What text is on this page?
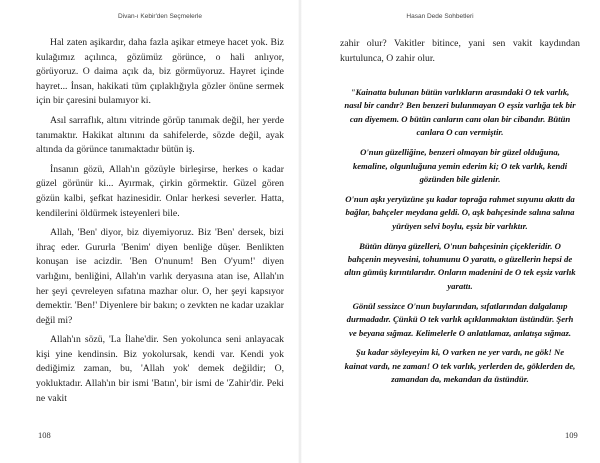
Divan-ı Kebir'den Seçmelerle

Hal zaten aşikardır, daha fazla aşikar etmeye hacet yok. Biz kulağımız açılınca, gözümüz görünce, o hali anlıyor, görüyoruz. O daima açık da, biz görmüyoruz. Hayret içinde hayret... İnsan, hakikati tüm çıplaklığıyla gözler önüne sermek için bir çaresini bulamıyor ki.

Asıl sarraflık, altını vitrinde görüp tanımak değil, her yerde tanımaktır. Hakikat altınını da sahifelerde, sözde değil, ayak altında da görünce tanımaktadır bütün iş.

İnsanın gözü, Allah'ın gözüyle birleşirse, herkes o kadar güzel görünür ki... Ayırmak, çirkin görmektir. Güzel gören gözün kalbi, şefkat hazinesidir. Onlar herkesi severler. Hatta, kendilerini öldürmek isteyenleri bile.

Allah, 'Ben' diyor, biz diyemiyoruz. Biz 'Ben' dersek, bizi ihraç eder. Gururla 'Benim' diyen benliğe düşer. Benlikten konuşan ise acizdir. 'Ben O'nunum! Ben O'yum!' diyen varlığını, benliğini, Allah'ın varlık deryasına atan ise, Allah'ın her şeyi çevreleyen sıfatına mazhar olur. O, her şeyi kapsıyor demektir. 'Ben!' Diyenlere bir bakın; o zevkten ne kadar uzaklar değil mi?

Allah'ın sözü, 'La İlahe'dir. Sen yokolunca seni anlayacak kişi yine kendinsin. Biz yokolursak, kendi var. Kendi yok dediğimiz zaman, bu, 'Allah yok' demek değildir; O, yokluktadır. Allah'ın bir ismi 'Batın', bir ismi de 'Zahir'dir. Peki ne vakit

108
Hasan Dede Sohbetleri

zahir olur? Vakitler bitince, yani sen vakit kaydından kurtulunca, O zahir olur.

"Kainatta bulunan bütün varlıkların arasındaki O tek varlık, nasıl bir candır? Ben benzeri bulunmayan O eşsiz varlığa tek bir can diyemem. O bütün canların canı olan bir cibandır. Bütün canlara O can vermiştir.

O'nun güzelliğine, benzeri olmayan bir güzel olduğuna, kemaline, olgunluğuna yemin ederim ki; O tek varlık, kendi gözünden bile gizlenir.

O'nun aşkı yeryüzüne şu kadar toprağa rahmet suyunu akıttı da bağlar, bahçeler meydana geldi. O, aşk bahçesinde salına salına yürüyen selvi boylu, eşsiz bir varlıktır.

Bütün dünya güzelleri, O'nun bahçesinin çiçekleridir. O bahçenin meyvesini, tohumunu O yarattı, o güzellerin hepsi de altın gümüş kırıntılarıdır. Onların madenini de O tek eşsiz varlık yarattı.

Gönül sessizce O'nun buylarından, sıfatlarından dalgalanıp durmadadır. Çünkü O tek varlık açıklanmaktan üstündür. Şerh ve beyana sığmaz. Kelimelerle O anlatılamaz, anlatışa sığmaz.

Şu kadar söyleyeyim ki, O varken ne yer vardı, ne gök! Ne kainat vardı, ne zaman! O tek varlık, yerlerden de, göklerden de, zamandan da, mekandan da üstündür.

109
